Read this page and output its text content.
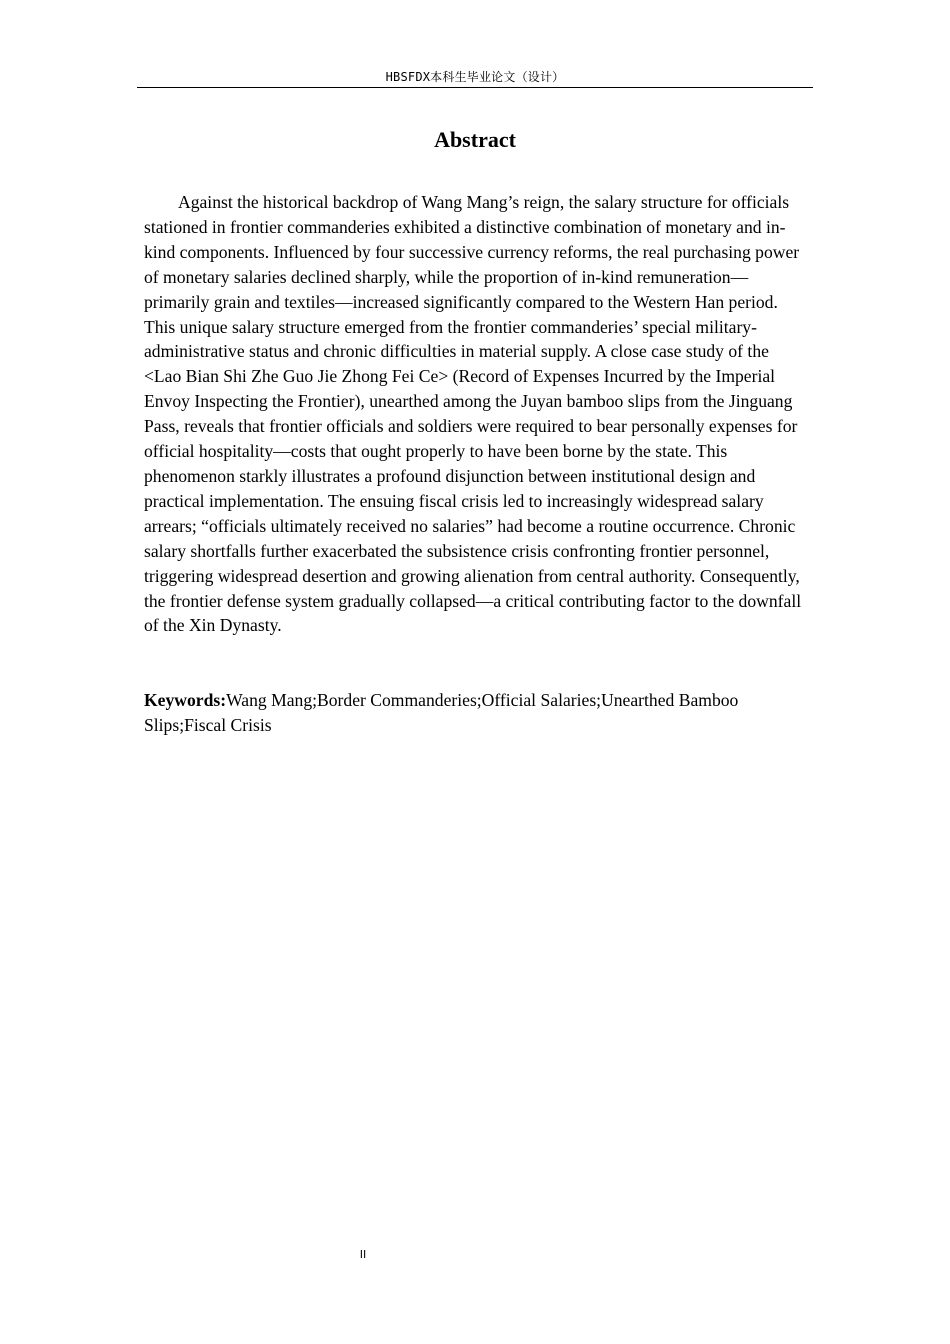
HBSFDX本科生毕业论文（设计）
Abstract

Against the historical backdrop of Wang Mang’s reign, the salary structure for officials stationed in frontier commanderies exhibited a distinctive combination of monetary and in-kind components. Influenced by four successive currency reforms, the real purchasing power of monetary salaries declined sharply, while the proportion of in-kind remuneration—primarily grain and textiles—increased significantly compared to the Western Han period. This unique salary structure emerged from the frontier commanderies’ special military-administrative status and chronic difficulties in material supply. A close case study of the <Lao Bian Shi Zhe Guo Jie Zhong Fei Ce> (Record of Expenses Incurred by the Imperial Envoy Inspecting the Frontier), unearthed among the Juyan bamboo slips from the Jinguang Pass, reveals that frontier officials and soldiers were required to bear personally expenses for official hospitality—costs that ought properly to have been borne by the state. This phenomenon starkly illustrates a profound disjunction between institutional design and practical implementation. The ensuing fiscal crisis led to increasingly widespread salary arrears; “officials ultimately received no salaries” had become a routine occurrence. Chronic salary shortfalls further exacerbated the subsistence crisis confronting frontier personnel, triggering widespread desertion and growing alienation from central authority. Consequently, the frontier defense system gradually collapsed—a critical contributing factor to the downfall of the Xin Dynasty.

Keywords:Wang Mang;Border Commanderies;Official Salaries;Unearthed Bamboo Slips;Fiscal Crisis

II
